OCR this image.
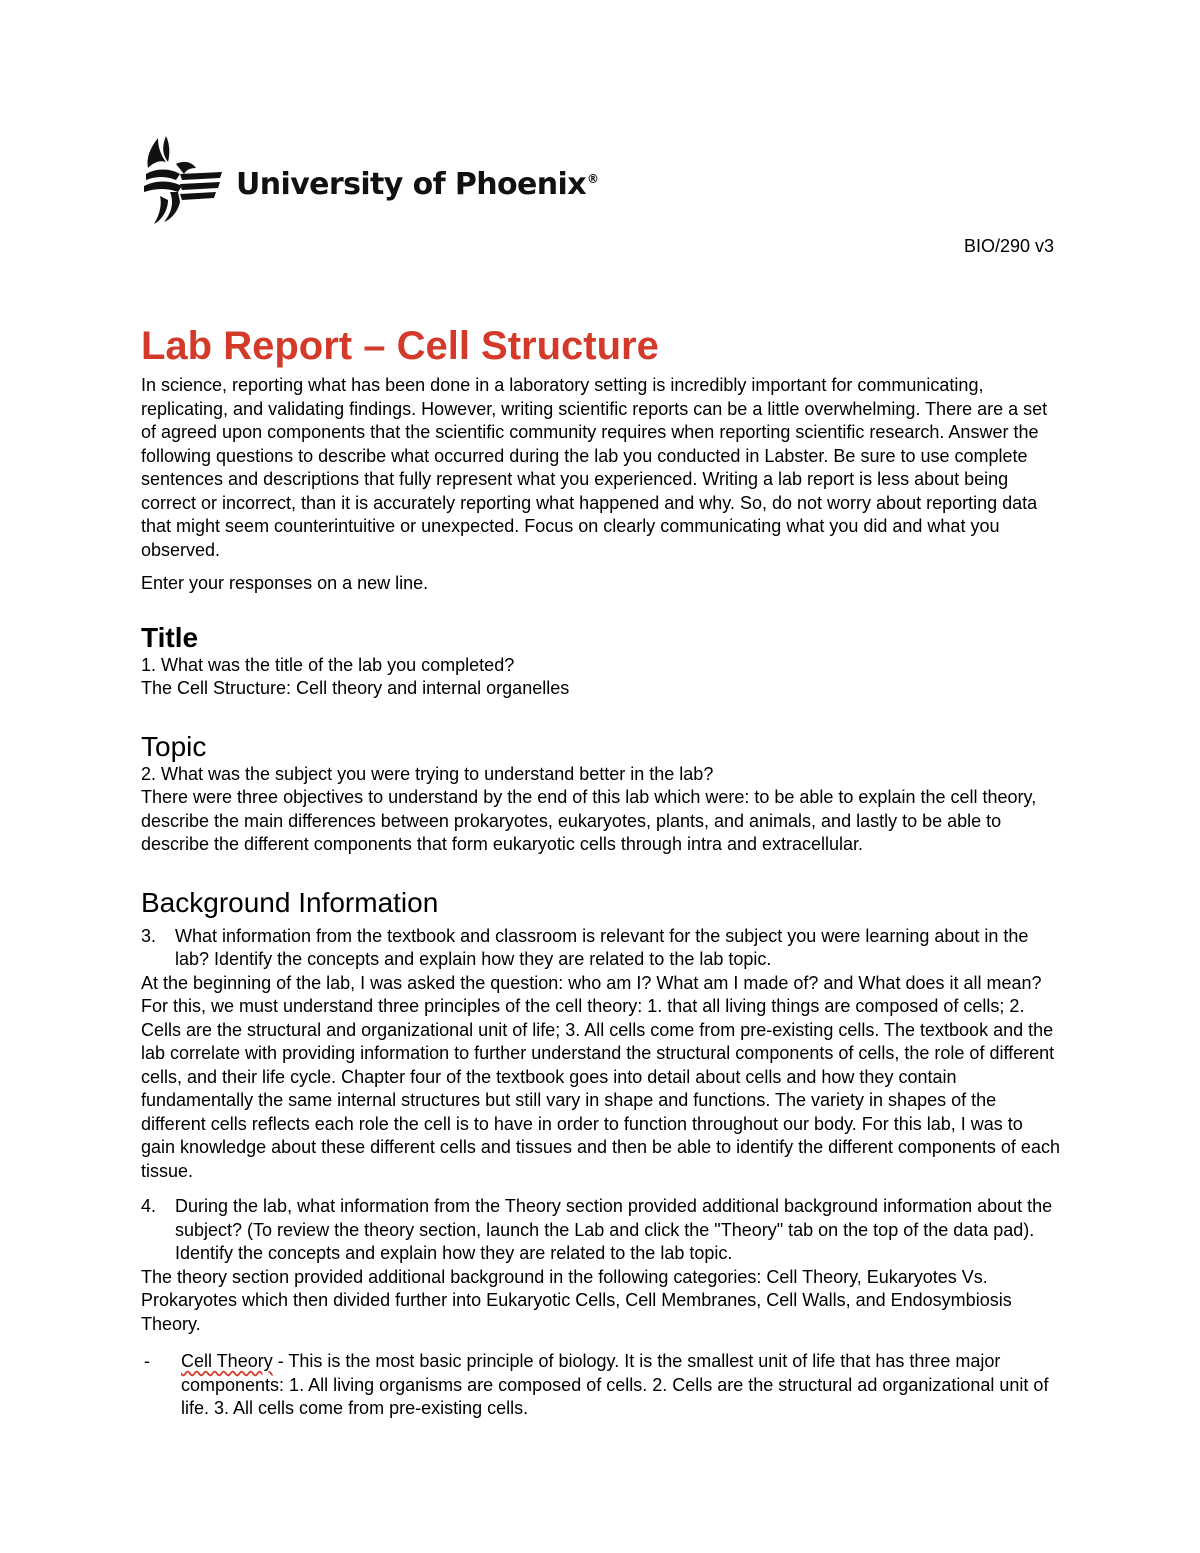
University of Phoenix®
BIO/290 v3
Lab Report – Cell Structure

In science, reporting what has been done in a laboratory setting is incredibly important for communicating, replicating, and validating findings. However, writing scientific reports can be a little overwhelming. There are a set of agreed upon components that the scientific community requires when reporting scientific research. Answer the following questions to describe what occurred during the lab you conducted in Labster. Be sure to use complete sentences and descriptions that fully represent what you experienced. Writing a lab report is less about being correct or incorrect, than it is accurately reporting what happened and why. So, do not worry about reporting data that might seem counterintuitive or unexpected. Focus on clearly communicating what you did and what you observed.

Enter your responses on a new line.

Title

1. What was the title of the lab you completed?

The Cell Structure: Cell theory and internal organelles

Topic

2. What was the subject you were trying to understand better in the lab?

There were three objectives to understand by the end of this lab which were: to be able to explain the cell theory, describe the main differences between prokaryotes, eukaryotes, plants, and animals, and lastly to be able to describe the different components that form eukaryotic cells through intra and extracellular.

Background Information
3.	What information from the textbook and classroom is relevant for the subject you were learning about in the lab? Identify the concepts and explain how they are related to the lab topic.

At the beginning of the lab, I was asked the question: who am I? What am I made of? and What does it all mean? For this, we must understand three principles of the cell theory: 1. that all living things are composed of cells; 2. Cells are the structural and organizational unit of life; 3. All cells come from pre-existing cells. The textbook and the lab correlate with providing information to further understand the structural components of cells, the role of different cells, and their life cycle. Chapter four of the textbook goes into detail about cells and how they contain fundamentally the same internal structures but still vary in shape and functions. The variety in shapes of the different cells reflects each role the cell is to have in order to function throughout our body. For this lab, I was to gain knowledge about these different cells and tissues and then be able to identify the different components of each tissue.

4.	During the lab, what information from the Theory section provided additional background information about the subject? (To review the theory section, launch the Lab and click the "Theory" tab on the top of the data pad). Identify the concepts and explain how they are related to the lab topic.

The theory section provided additional background in the following categories: Cell Theory, Eukaryotes Vs. Prokaryotes which then divided further into Eukaryotic Cells, Cell Membranes, Cell Walls, and Endosymbiosis Theory.

-	Cell Theory - This is the most basic principle of biology. It is the smallest unit of life that has three major components: 1. All living organisms are composed of cells. 2. Cells are the structural ad organizational unit of life. 3. All cells come from pre-existing cells.
